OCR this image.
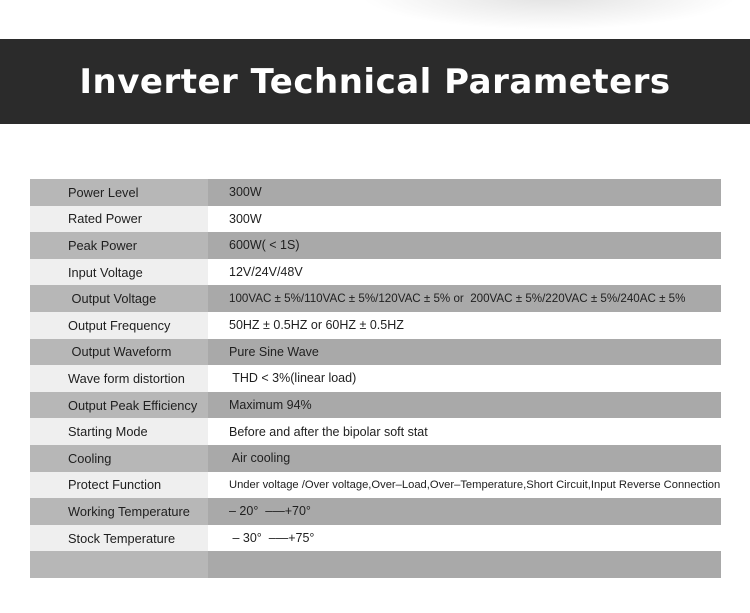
Inverter Technical Parameters
Power Level	300W
Rated Power	300W
Peak Power	600W( < 1S)
Input Voltage	12V/24V/48V
Output Voltage	100VAC ± 5%/110VAC ± 5%/120VAC ± 5% or  200VAC ± 5%/220VAC ± 5%/240AC ± 5%
Output Frequency	50HZ ± 0.5HZ or 60HZ ± 0.5HZ
Output Waveform	Pure Sine Wave
Wave form distortion	THD < 3%(linear load)
Output Peak Efficiency	Maximum 94%
Starting Mode	Before and after the bipolar soft stat
Cooling	Air cooling
Protect Function	Under voltage /Over voltage,Over–Load,Over–Temperature,Short Circuit,Input Reverse Connection
Working Temperature	– 20°  –—+70°
Stock Temperature	– 30°  –—+75°
